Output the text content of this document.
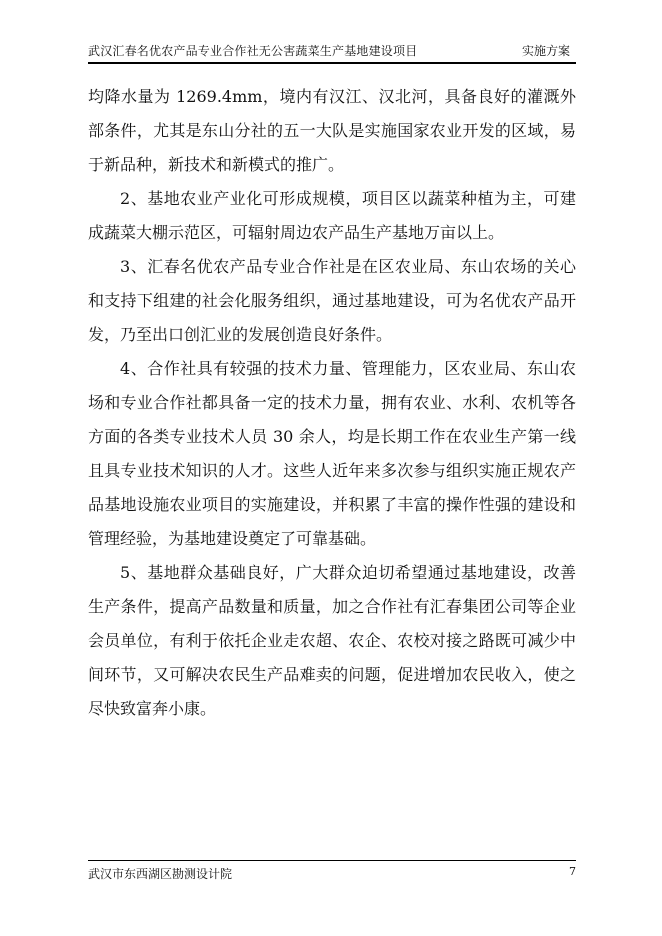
武汉汇春名优农产品专业合作社无公害蔬菜生产基地建设项目	实施方案

均降水量为 1269.4mm，境内有汉江、汉北河，具备良好的灌溉外部条件，尤其是东山分社的五一大队是实施国家农业开发的区域，易于新品种，新技术和新模式的推广。

2、基地农业产业化可形成规模，项目区以蔬菜种植为主，可建成蔬菜大棚示范区，可辐射周边农产品生产基地万亩以上。

3、汇春名优农产品专业合作社是在区农业局、东山农场的关心和支持下组建的社会化服务组织，通过基地建设，可为名优农产品开发，乃至出口创汇业的发展创造良好条件。

4、合作社具有较强的技术力量、管理能力，区农业局、东山农场和专业合作社都具备一定的技术力量，拥有农业、水利、农机等各方面的各类专业技术人员 30 余人，均是长期工作在农业生产第一线且具专业技术知识的人才。这些人近年来多次参与组织实施正规农产品基地设施农业项目的实施建设，并积累了丰富的操作性强的建设和管理经验，为基地建设奠定了可靠基础。

5、基地群众基础良好，广大群众迫切希望通过基地建设，改善生产条件，提高产品数量和质量，加之合作社有汇春集团公司等企业会员单位，有利于依托企业走农超、农企、农校对接之路既可减少中间环节，又可解决农民生产品难卖的问题，促进增加农民收入，使之尽快致富奔小康。

武汉市东西湖区勘测设计院	7
